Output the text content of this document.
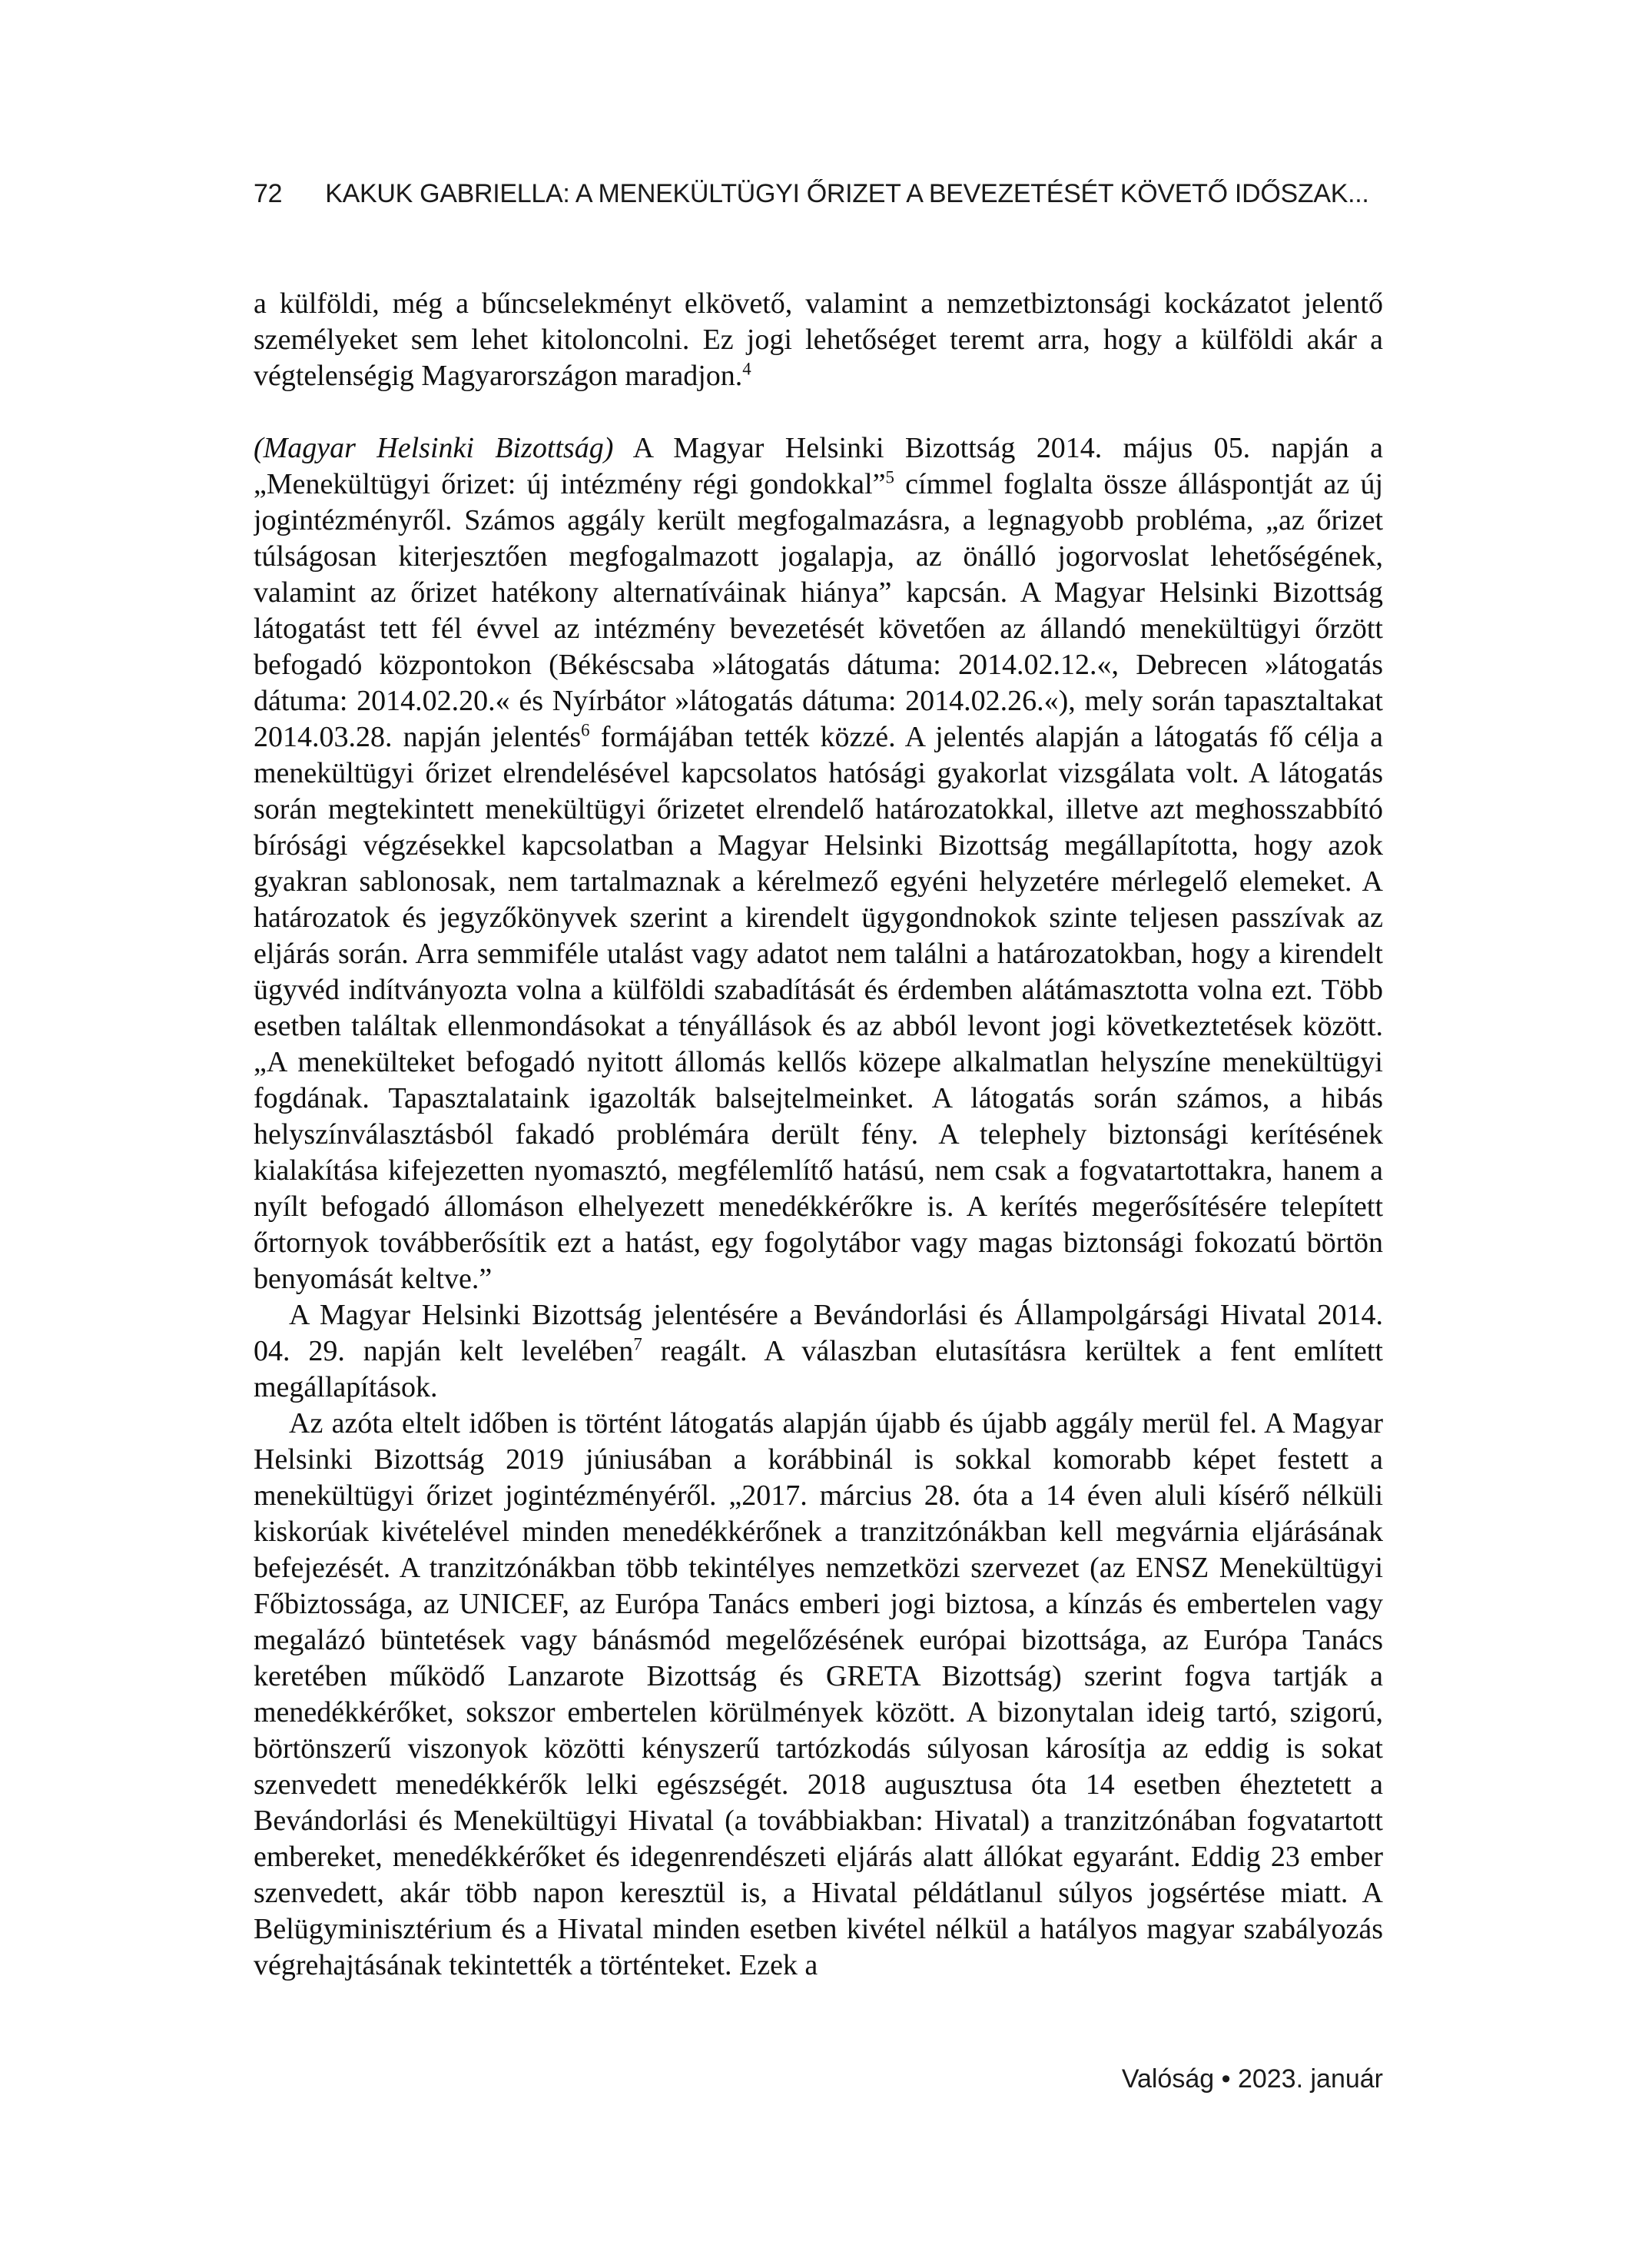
72 KAKUK GABRIELLA: A MENEKÜLTÜGYI ŐRIZET A BEVEZETÉSÉT KÖVETŐ IDŐSZAK...

a külföldi, még a bűncselekményt elkövető, valamint a nemzetbiztonsági kockázatot jelentő személyeket sem lehet kitoloncolni. Ez jogi lehetőséget teremt arra, hogy a külföldi akár a végtelenségig Magyarországon maradjon.$^4$

(Magyar Helsinki Bizottság) A Magyar Helsinki Bizottság 2014. május 05. napján a „Menekültügyi őrizet: új intézmény régi gondokkal”$^5$ címmel foglalta össze álláspontját az új jogintézményről. Számos aggály került megfogalmazásra, a legnagyobb probléma, „az őrizet túlságosan kiterjesztően megfogalmazott jogalapja, az önálló jogorvoslat lehetőségének, valamint az őrizet hatékony alternatíváinak hiánya” kapcsán. A Magyar Helsinki Bizottság látogatást tett fél évvel az intézmény bevezetését követően az állandó menekültügyi őrzött befogadó központokon (Békéscsaba »látogatás dátuma: 2014.02.12.«, Debrecen »látogatás dátuma: 2014.02.20.« és Nyírbátor »látogatás dátuma: 2014.02.26.«), mely során tapasztaltakat 2014.03.28. napján jelentés$^6$ formájában tették közzé. A jelentés alapján a látogatás fő célja a menekültügyi őrizet elrendelésével kapcsolatos hatósági gyakorlat vizsgálata volt. A látogatás során megtekintett menekültügyi őrizetet elrendelő határozatokkal, illetve azt meghosszabbító bírósági végzésekkel kapcsolatban a Magyar Helsinki Bizottság megállapította, hogy azok gyakran sablonosak, nem tartalmaznak a kérelmező egyéni helyzetére mérlegelő elemeket. A határozatok és jegyzőkönyvek szerint a kirendelt ügygondnokok szinte teljesen passzívak az eljárás során. Arra semmiféle utalást vagy adatot nem találni a határozatokban, hogy a kirendelt ügyvéd indítványozta volna a külföldi szabadítását és érdemben alátámasztotta volna ezt. Több esetben találtak ellenmondásokat a tényállások és az abból levont jogi következtetések között. „A menekülteket befogadó nyitott állomás kellős közepe alkalmatlan helyszíne menekültügyi fogdának. Tapasztalataink igazolták balsejtelmeinket. A látogatás során számos, a hibás helyszínválasztásból fakadó problémára derült fény. A telephely biztonsági kerítésének kialakítása kifejezetten nyomasztó, megfélemlítő hatású, nem csak a fogvatartottakra, hanem a nyílt befogadó állomáson elhelyezett menedékkérőkre is. A kerítés megerősítésére telepített őrtornyok továbberősítik ezt a hatást, egy fogolytábor vagy magas biztonsági fokozatú börtön benyomását keltve.”

A Magyar Helsinki Bizottság jelentésére a Bevándorlási és Állampolgársági Hivatal 2014. 04. 29. napján kelt levelében$^7$ reagált. A válaszban elutasításra kerültek a fent említett megállapítások.

Az azóta eltelt időben is történt látogatás alapján újabb és újabb aggály merül fel. A Magyar Helsinki Bizottság 2019 júniusában a korábbinál is sokkal komorabb képet festett a menekültügyi őrizet jogintézményéről. „2017. március 28. óta a 14 éven aluli kísérő nélküli kiskorúak kivételével minden menedékkérőnek a tranzitzónákban kell megvárnia eljárásának befejezését. A tranzitzónákban több tekintélyes nemzetközi szervezet (az ENSZ Menekültügyi Főbiztossága, az UNICEF, az Európa Tanács emberi jogi biztosa, a kínzás és embertelen vagy megalázó büntetések vagy bánásmód megelőzésének európai bizottsága, az Európa Tanács keretében működő Lanzarote Bizottság és GRETA Bizottság) szerint fogva tartják a menedékkérőket, sokszor embertelen körülmények között. A bizonytalan ideig tartó, szigorú, börtönszerű viszonyok közötti kényszerű tartózkodás súlyosan károsítja az eddig is sokat szenvedett menedékkérők lelki egészségét. 2018 augusztusa óta 14 esetben éheztetett a Bevándorlási és Menekültügyi Hivatal (a továbbiakban: Hivatal) a tranzitzónában fogvatartott embereket, menedékkérőket és idegenrendészeti eljárás alatt állókat egyaránt. Eddig 23 ember szenvedett, akár több napon keresztül is, a Hivatal példátlanul súlyos jogsértése miatt. A Belügyminisztérium és a Hivatal minden esetben kivétel nélkül a hatályos magyar szabályozás végrehajtásának tekintették a történteket. Ezek a

Valóság • 2023. január
